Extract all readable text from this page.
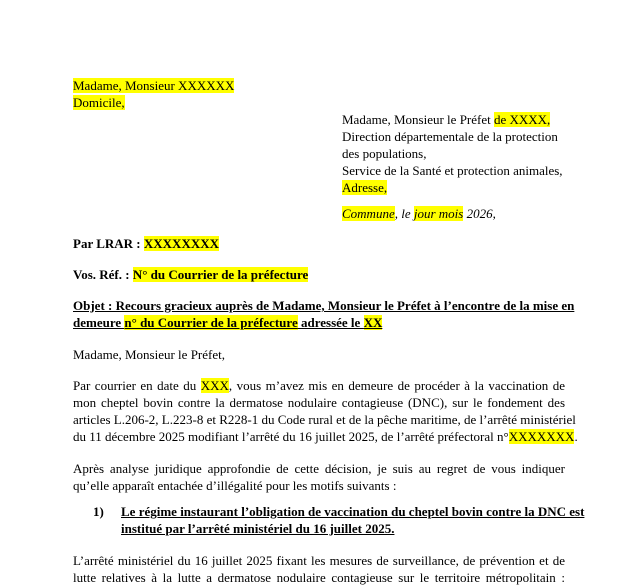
Madame, Monsieur XXXXXX
Domicile,
Madame, Monsieur le Préfet de XXXX,
Direction départementale de la protection
des populations,
Service de la Santé et protection animales,
Adresse,
Commune, le jour mois 2026,
Par LRAR : XXXXXXXX
Vos. Réf. : N° du Courrier de la préfecture
Objet : Recours gracieux auprès de Madame, Monsieur le Préfet à l’encontre de la mise en
demeure n° du Courrier de la préfecture adressée le XX
Madame, Monsieur le Préfet,
Par courrier en date du XXX, vous m’avez mis en demeure de procéder à la vaccination de
mon cheptel bovin contre la dermatose nodulaire contagieuse (DNC), sur le fondement des
articles L.206-2, L.223-8 et R228-1 du Code rural et de la pêche maritime, de l’arrêté ministériel
du 11 décembre 2025 modifiant l’arrêté du 16 juillet 2025, de l’arrêté préfectoral n°XXXXXXX.
Après analyse juridique approfondie de cette décision, je suis au regret de vous indiquer
qu’elle apparaît entachée d’illégalité pour les motifs suivants :
1) Le régime instaurant l’obligation de vaccination du cheptel bovin contre la DNC est
institué par l’arrêté ministériel du 16 juillet 2025.
L’arrêté ministériel du 16 juillet 2025 fixant les mesures de surveillance, de prévention et de
lutte relatives à la lutte a dermatose nodulaire contagieuse sur le territoire métropolitain :
